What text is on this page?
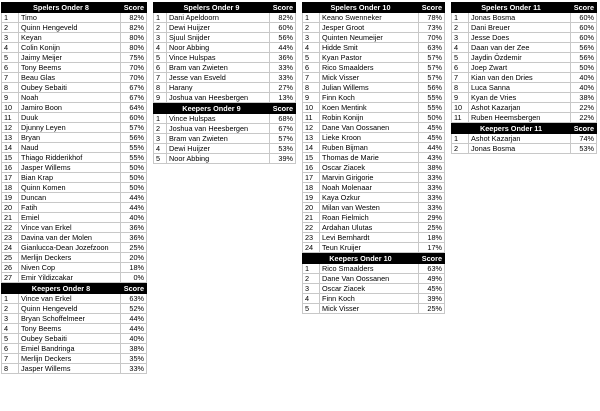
Spelers Onder 8		Score
1	Timo	82%
2	Quinn Hengeveld	82%
3	Keyan	80%
4	Colin Konijn	80%
5	Jaimy Meijer	75%
6	Tony Beems	70%
7	Beau Glas	70%
8	Oubey Sebaiti	67%
9	Noah	67%
10	Jamiro Boon	64%
11	Duuk	60%
12	Djunny Leyen	57%
13	Bryan	56%
14	Naud	55%
15	Thiago Ridderikhof	55%
16	Jasper Willems	50%
17	Bian Krap	50%
18	Quinn Komen	50%
19	Duncan	44%
20	Fatih	44%
21	Emiel	40%
22	Vince van Erkel	36%
23	Davina van der Molen	36%
24	Gianlucca-Dean Jozefzoon	25%
25	Merlijn Deckers	20%
26	Niven Cop	18%
27	Emir Yildizcakar	0%
Keepers Onder 8		Score
1	Vince van Erkel	63%
2	Quinn Hengeveld	52%
3	Bryan Schoffelmeer	44%
4	Tony Beems	44%
5	Oubey Sebaiti	40%
6	Emiel Bandringa	38%
7	Merlijn Deckers	35%
8	Jasper Willems	33%
Spelers Onder 9		Score
1	Dani Apeldoorn	82%
2	Dewi Huijzer	60%
3	Sjuul Snijder	56%
4	Noor Abbing	44%
5	Vince Hulspas	36%
6	Bram van Zwieten	33%
7	Jesse van Esveld	33%
8	Harany	27%
9	Joshua van Heesbergen	13%
Keepers Onder 9		Score
1	Vince Hulspas	68%
2	Joshua van Heesbergen	67%
3	Bram van Zwieten	57%
4	Dewi Huijzer	53%
5	Noor Abbing	39%
Spelers Onder 10		Score
1	Keano Swenneker	78%
2	Jesper Groot	73%
3	Quinten Neumeijer	70%
4	Hidde Smit	63%
5	Kyan Pastor	57%
6	Rico Smaalders	57%
7	Mick Visser	57%
8	Julian Willems	56%
9	Finn Koch	55%
10	Koen Mentink	55%
11	Robin Konijn	50%
12	Dane Van Oossanen	45%
13	Lieke Kroon	45%
14	Ruben Bijman	44%
15	Thomas de Marie	43%
16	Oscar Ziacek	38%
17	Marvin Girigorie	33%
18	Noah Molenaar	33%
19	Kaya Ozkur	33%
20	Milan van Westen	33%
21	Roan Fielmich	29%
22	Ardahan Ulutas	25%
23	Levi Bernhardt	18%
24	Teun Kruijer	17%
Keepers Onder 10		Score
1	Rico Smaalders	63%
2	Dane Van Oossanen	49%
3	Oscar Ziacek	45%
4	Finn Koch	39%
5	Mick Visser	25%
Spelers Onder 11		Score
1	Jonas Bosma	60%
2	Dani Breuer	60%
3	Jesse Does	60%
4	Daan van der Zee	56%
5	Jaydin Özdemir	56%
6	Joep Zwart	50%
7	Kian van den Dries	40%
8	Luca Sanna	40%
9	Kyan de Vries	38%
10	Ashot Kazarjan	22%
11	Ruben Heemsbergen	22%
Keepers Onder 11		Score
1	Ashot Kazarjan	74%
2	Jonas Bosma	53%
